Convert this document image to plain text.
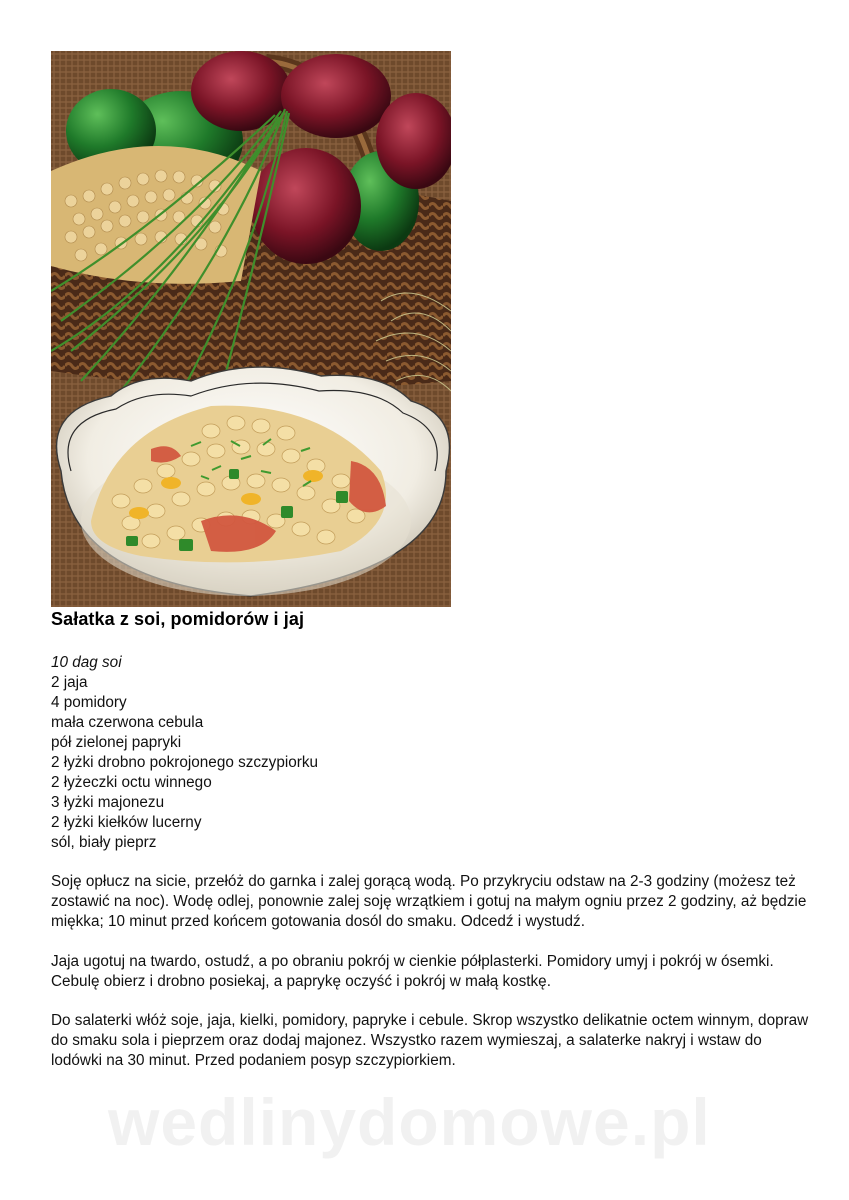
Sałatka z soi, pomidorów i jaj
10 dag soi
2 jaja
4 pomidory
mała czerwona cebula
pół zielonej papryki
2 łyżki drobno pokrojonego szczypiorku
2 łyżeczki octu winnego
3 łyżki majonezu
2 łyżki kiełków lucerny
sól, biały pieprz

Soję opłucz na sicie, przełóż do garnka i zalej gorącą wodą. Po przykryciu odstaw na 2-3 godziny (możesz też zostawić na noc). Wodę odlej, ponownie zalej soję wrzątkiem i gotuj na małym ogniu przez 2 godziny, aż będzie miękka; 10 minut przed końcem gotowania dosól do smaku. Odcedź i wystudź.

Jaja ugotuj na twardo, ostudź, a po obraniu pokrój w cienkie półplasterki. Pomidory umyj i pokrój w ósemki. Cebulę obierz i drobno posiekaj, a paprykę oczyść i pokrój w małą kostkę.

Do salaterki włóż soje, jaja, kielki, pomidory, papryke i cebule. Skrop wszystko delikatnie octem winnym, dopraw do smaku sola i pieprzem oraz dodaj majonez. Wszystko razem wymieszaj, a salaterke nakryj i wstaw do lodówki na 30 minut. Przed podaniem posyp szczypiorkiem.

wedlinydomowe.pl
